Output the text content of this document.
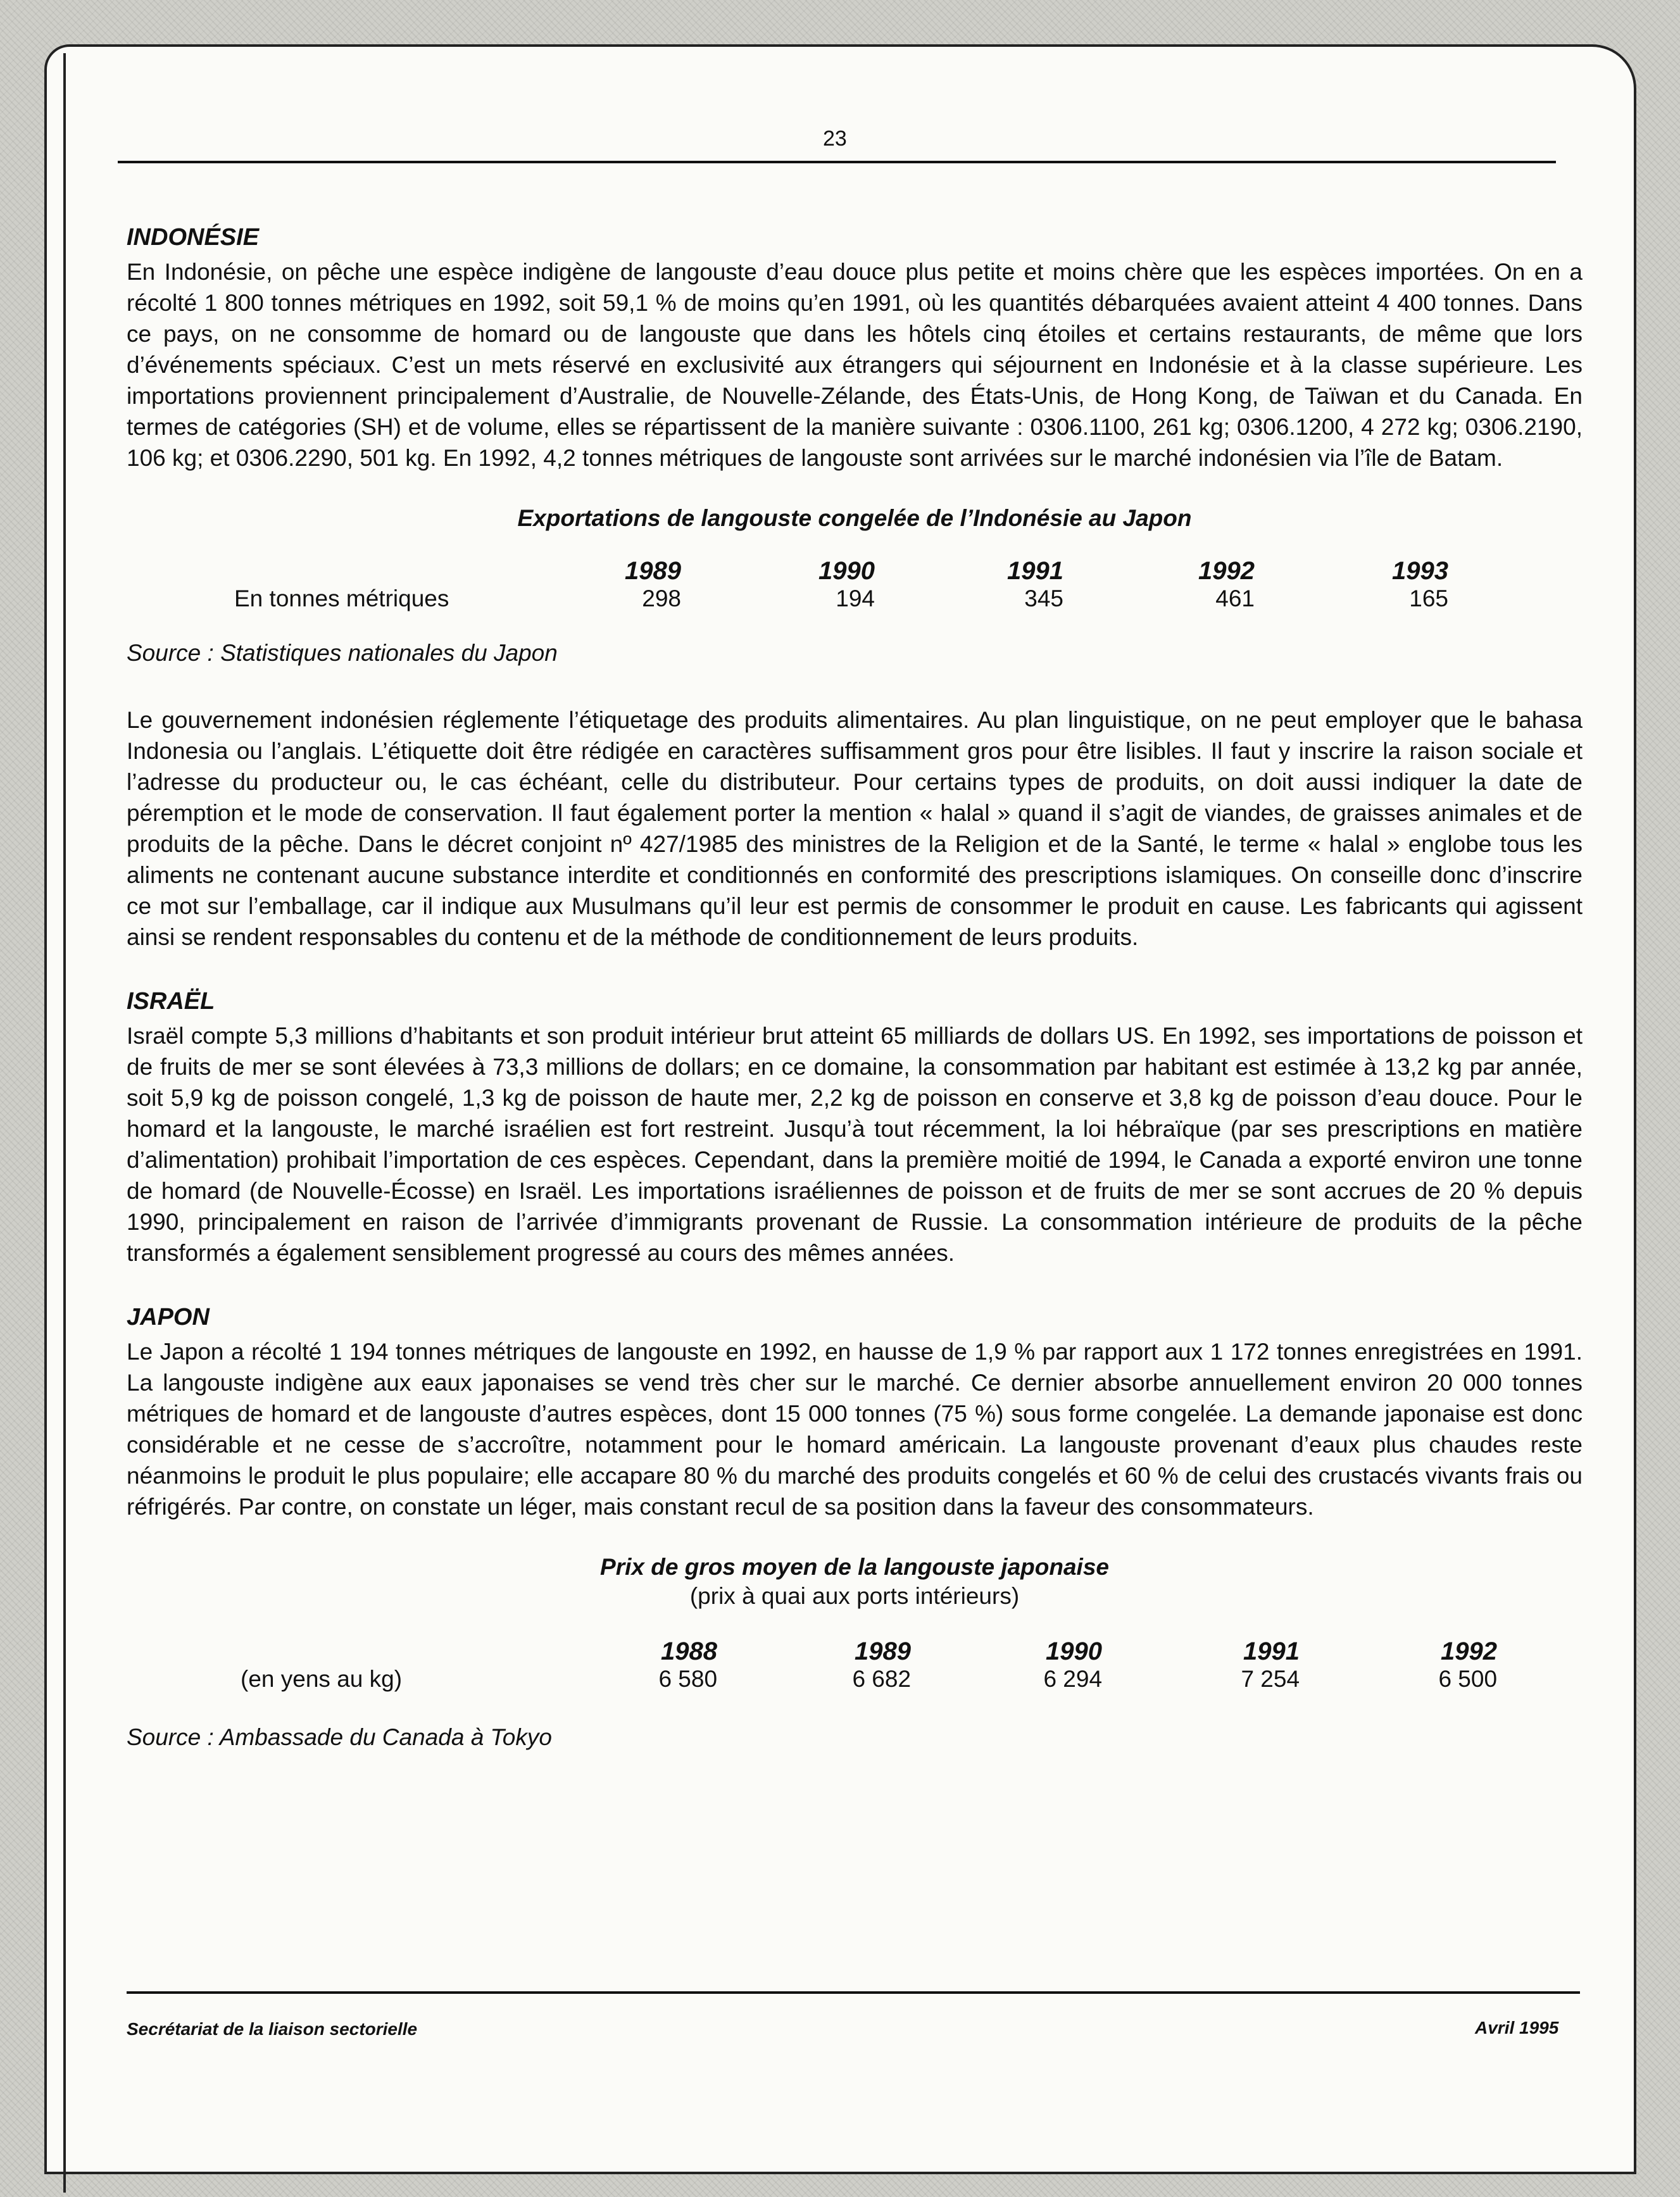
23
INDONÉSIE

En Indonésie, on pêche une espèce indigène de langouste d’eau douce plus petite et moins chère que les espèces importées. On en a récolté 1 800 tonnes métriques en 1992, soit 59,1 % de moins qu’en 1991, où les quantités débarquées avaient atteint 4 400 tonnes. Dans ce pays, on ne consomme de homard ou de langouste que dans les hôtels cinq étoiles et certains restaurants, de même que lors d’événements spéciaux. C’est un mets réservé en exclusivité aux étrangers qui séjournent en Indonésie et à la classe supérieure. Les importations proviennent principalement d’Australie, de Nouvelle-Zélande, des États-Unis, de Hong Kong, de Taïwan et du Canada. En termes de catégories (SH) et de volume, elles se répartissent de la manière suivante : 0306.1100, 261 kg; 0306.1200, 4 272 kg; 0306.2190, 106 kg; et 0306.2290, 501 kg. En 1992, 4,2 tonnes métriques de langouste sont arrivées sur le marché indonésien via l’île de Batam.

Exportations de langouste congelée de l’Indonésie au Japon

	1989	1990	1991	1992	1993
En tonnes métriques	298	194	345	461	165

Source : Statistiques nationales du Japon

Le gouvernement indonésien réglemente l’étiquetage des produits alimentaires. Au plan linguistique, on ne peut employer que le bahasa Indonesia ou l’anglais. L’étiquette doit être rédigée en caractères suffisamment gros pour être lisibles. Il faut y inscrire la raison sociale et l’adresse du producteur ou, le cas échéant, celle du distributeur. Pour certains types de produits, on doit aussi indiquer la date de péremption et le mode de conservation. Il faut également porter la mention « halal » quand il s’agit de viandes, de graisses animales et de produits de la pêche. Dans le décret conjoint nº 427/1985 des ministres de la Religion et de la Santé, le terme « halal » englobe tous les aliments ne contenant aucune substance interdite et conditionnés en conformité des prescriptions islamiques. On conseille donc d’inscrire ce mot sur l’emballage, car il indique aux Musulmans qu’il leur est permis de consommer le produit en cause. Les fabricants qui agissent ainsi se rendent responsables du contenu et de la méthode de conditionnement de leurs produits.

ISRAËL

Israël compte 5,3 millions d’habitants et son produit intérieur brut atteint 65 milliards de dollars US. En 1992, ses importations de poisson et de fruits de mer se sont élevées à 73,3 millions de dollars; en ce domaine, la consommation par habitant est estimée à 13,2 kg par année, soit 5,9 kg de poisson congelé, 1,3 kg de poisson de haute mer, 2,2 kg de poisson en conserve et 3,8 kg de poisson d’eau douce. Pour le homard et la langouste, le marché israélien est fort restreint. Jusqu’à tout récemment, la loi hébraïque (par ses prescriptions en matière d’alimentation) prohibait l’importation de ces espèces. Cependant, dans la première moitié de 1994, le Canada a exporté environ une tonne de homard (de Nouvelle-Écosse) en Israël. Les importations israéliennes de poisson et de fruits de mer se sont accrues de 20 % depuis 1990, principalement en raison de l’arrivée d’immigrants provenant de Russie. La consommation intérieure de produits de la pêche transformés a également sensiblement progressé au cours des mêmes années.

JAPON

Le Japon a récolté 1 194 tonnes métriques de langouste en 1992, en hausse de 1,9 % par rapport aux 1 172 tonnes enregistrées en 1991. La langouste indigène aux eaux japonaises se vend très cher sur le marché. Ce dernier absorbe annuellement environ 20 000 tonnes métriques de homard et de langouste d’autres espèces, dont 15 000 tonnes (75 %) sous forme congelée. La demande japonaise est donc considérable et ne cesse de s’accroître, notamment pour le homard américain. La langouste provenant d’eaux plus chaudes reste néanmoins le produit le plus populaire; elle accapare 80 % du marché des produits congelés et 60 % de celui des crustacés vivants frais ou réfrigérés. Par contre, on constate un léger, mais constant recul de sa position dans la faveur des consommateurs.

Prix de gros moyen de la langouste japonaise

(prix à quai aux ports intérieurs)

	1988	1989	1990	1991	1992
(en yens au kg)	6 580	6 682	6 294	7 254	6 500

Source : Ambassade du Canada à Tokyo

Secrétariat de la liaison sectorielle	Avril 1995
